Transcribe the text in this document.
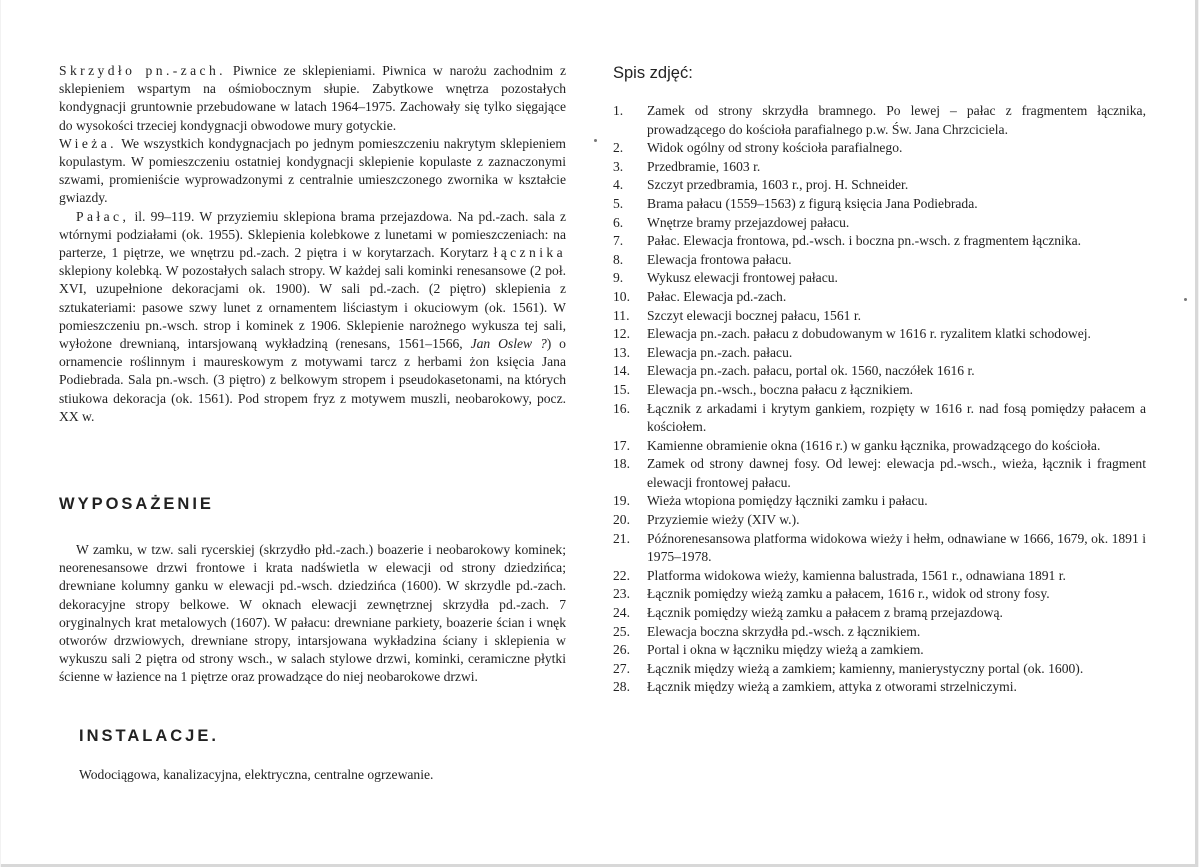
Skrzydło pn.-zach. Piwnice ze sklepieniami. Piwnica w narożu zachodnim z sklepieniem wspartym na ośmiobocznym słupie. Zabytkowe wnętrza pozostałych kondygnacji gruntownie przebudowane w latach 1964–1975. Zachowały się tylko sięgające do wysokości trzeciej kondygnacji obwodowe mury gotyckie.

Wieża. We wszystkich kondygnacjach po jednym pomieszczeniu nakrytym sklepieniem kopulastym. W pomieszczeniu ostatniej kondygnacji sklepienie kopulaste z zaznaczonymi szwami, promieniście wyprowadzonymi z centralnie umieszczonego zwornika w kształcie gwiazdy.

Pałac, il. 99–119. W przyziemiu sklepiona brama przejazdowa. Na pd.-zach. sala z wtórnymi podziałami (ok. 1955). Sklepienia kolebkowe z lunetami w pomieszczeniach: na parterze, 1 piętrze, we wnętrzu pd.-zach. 2 piętra i w korytarzach. Korytarz łącznika sklepiony kolebką. W pozostałych salach stropy. W każdej sali kominki renesansowe (2 poł. XVI, uzupełnione dekoracjami ok. 1900). W sali pd.-zach. (2 piętro) sklepienia z sztukateriami: pasowe szwy lunet z ornamentem liściastym i okuciowym (ok. 1561). W pomieszczeniu pn.-wsch. strop i kominek z 1906. Sklepienie narożnego wykusza tej sali, wyłożone drewnianą, intarsjowaną wykładziną (renesans, 1561–1566, Jan Oslew ?) o ornamencie roślinnym i maureskowym z motywami tarcz z herbami żon księcia Jana Podiebrada. Sala pn.-wsch. (3 piętro) z belkowym stropem i pseudokasetonami, na których stiukowa dekoracja (ok. 1561). Pod stropem fryz z motywem muszli, neobarokowy, pocz. XX w.

WYPOSAŻENIE

W zamku, w tzw. sali rycerskiej (skrzydło płd.-zach.) boazerie i neobarokowy kominek; neorenesansowe drzwi frontowe i krata nadświetla w elewacji od strony dziedzińca; drewniane kolumny ganku w elewacji pd.-wsch. dziedzińca (1600). W skrzydle pd.-zach. dekoracyjne stropy belkowe. W oknach elewacji zewnętrznej skrzydła pd.-zach. 7 oryginalnych krat metalowych (1607). W pałacu: drewniane parkiety, boazerie ścian i wnęk otworów drzwiowych, drewniane stropy, intarsjowana wykładzina ściany i sklepienia w wykuszu sali 2 piętra od strony wsch., w salach stylowe drzwi, kominki, ceramiczne płytki ścienne w łazience na 1 piętrze oraz prowadzące do niej neobarokowe drzwi.

INSTALACJE.

Wodociągowa, kanalizacyjna, elektryczna, centralne ogrzewanie.

Spis zdjęć:
1. Zamek od strony skrzydła bramnego. Po lewej – pałac z fragmentem łącznika, prowadzącego do kościoła parafialnego p.w. Św. Jana Chrzciciela.
2. Widok ogólny od strony kościoła parafialnego.
3. Przedbramie, 1603 r.
4. Szczyt przedbramia, 1603 r., proj. H. Schneider.
5. Brama pałacu (1559–1563) z figurą księcia Jana Podiebrada.
6. Wnętrze bramy przejazdowej pałacu.
7. Pałac. Elewacja frontowa, pd.-wsch. i boczna pn.-wsch. z fragmentem łącznika.
8. Elewacja frontowa pałacu.
9. Wykusz elewacji frontowej pałacu.
10. Pałac. Elewacja pd.-zach.
11. Szczyt elewacji bocznej pałacu, 1561 r.
12. Elewacja pn.-zach. pałacu z dobudowanym w 1616 r. ryzalitem klatki schodowej.
13. Elewacja pn.-zach. pałacu.
14. Elewacja pn.-zach. pałacu, portal ok. 1560, naczółek 1616 r.
15. Elewacja pn.-wsch., boczna pałacu z łącznikiem.
16. Łącznik z arkadami i krytym gankiem, rozpięty w 1616 r. nad fosą pomiędzy pałacem a kościołem.
17. Kamienne obramienie okna (1616 r.) w ganku łącznika, prowadzącego do kościoła.
18. Zamek od strony dawnej fosy. Od lewej: elewacja pd.-wsch., wieża, łącznik i fragment elewacji frontowej pałacu.
19. Wieża wtopiona pomiędzy łączniki zamku i pałacu.
20. Przyziemie wieży (XIV w.).
21. Późnorenesansowa platforma widokowa wieży i hełm, odnawiane w 1666, 1679, ok. 1891 i 1975–1978.
22. Platforma widokowa wieży, kamienna balustrada, 1561 r., odnawiana 1891 r.
23. Łącznik pomiędzy wieżą zamku a pałacem, 1616 r., widok od strony fosy.
24. Łącznik pomiędzy wieżą zamku a pałacem z bramą przejazdową.
25. Elewacja boczna skrzydła pd.-wsch. z łącznikiem.
26. Portal i okna w łączniku między wieżą a zamkiem.
27. Łącznik między wieżą a zamkiem; kamienny, manierystyczny portal (ok. 1600).
28. Łącznik między wieżą a zamkiem, attyka z otworami strzelniczymi.
